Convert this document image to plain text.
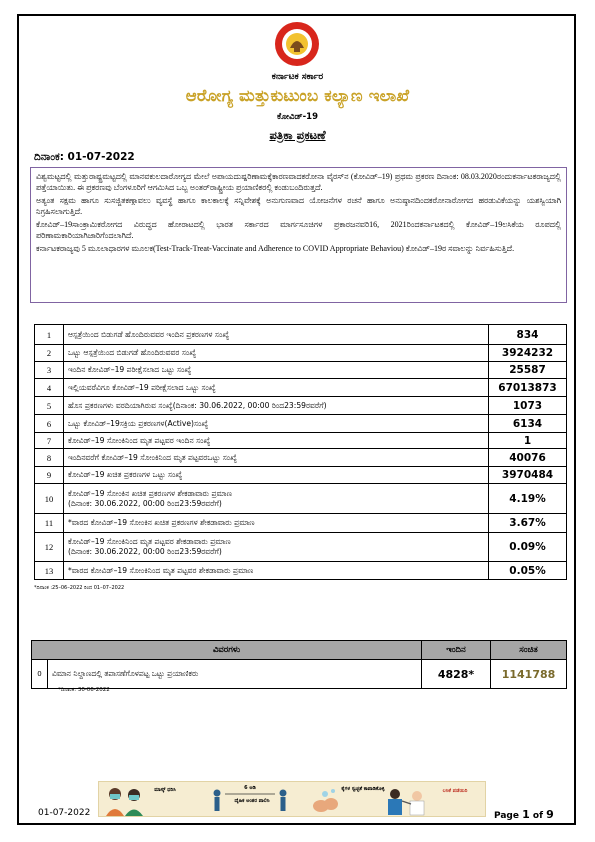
ಕರ್ನಾಟಕ ಸರ್ಕಾರ
ಆರೋಗ್ಯ ಮತ್ತುಕುಟುಂಬ ಕಲ್ಯಾಣ ಇಲಾಖೆ
ಕೋವಿಡ್-19
ಪತ್ರಿಕಾ ಪ್ರಕಟಣೆ
ದಿನಾಂಕ: 01-07-2022

ವಿಶ್ವಮಟ್ಟದಲ್ಲಿ ಮತ್ತುರಾಷ್ಟ್ರಮಟ್ಟದಲ್ಲಿ ಮಾನವಕುಲದಾರೋಗ್ಯದ ಮೇಲೆ ಅಪಾಯದುಷ್ಪರಿಣಾಮಕ್ಕೆಕಾರಣವಾದಕರೋನಾ ವೈರಸ್‌ನ (ಕೋವಿಡ್–19) ಪ್ರಥಮ ಪ್ರಕರಣ ದಿನಾಂಕ: 08.03.2020ರಂದುಕರ್ನಾಟಕರಾಜ್ಯದಲ್ಲಿ ಪತ್ತೆಯಾಯಿತು. ಈ ಪ್ರಕರಣವು ಬೆಂಗಳೂರಿಗೆ ಆಗಮಿಸಿದ ಒಬ್ಬ ಅಂತರ್‌ರಾಷ್ಟ್ರೀಯ ಪ್ರಯಾಣಿಕರಲ್ಲಿ ಕಂಡುಬಂದಿರುತ್ತದೆ.

ಅತ್ಯಂತ ಸಕ್ಷಮ ಹಾಗೂ ಸುಸಜ್ಜಿತಕಣ್ಗಾವಲು ವ್ಯವಸ್ಥೆ ಹಾಗೂ ಕಾಲಕಾಲಕ್ಕೆ ಸನ್ನಿವೇಶಕ್ಕೆ ಅನುಗುಣವಾದ ಯೋಜನೆಗಳ ರಚನೆ ಹಾಗೂ ಅನುಷ್ಠಾನದಿಂದಕರೋನಾರೋಗದ ಹರಡುವಿಕೆಯನ್ನು ಯಶಸ್ವಿಯಾಗಿ ನಿಗ್ರಹಿಸಲಾಗುತ್ತಿದೆ.

ಕೋವಿಡ್–19ಸಾಂಕ್ರಾಮಿಕರೋಗದ ವಿರುದ್ಧದ ಹೋರಾಟದಲ್ಲಿ ಭಾರತ ಸರ್ಕಾರದ ಮಾರ್ಗಸೂಚಿಗಳ ಪ್ರಕಾರಜನವರಿ16, 2021ರಿಂದಕರ್ನಾಟಕದಲ್ಲಿ ಕೋವಿಡ್–19ಲಸಿಕೆಯ ರೂಪದಲ್ಲಿ ಪರಿಣಾಮಕಾರಿಯಾಗಿಜಾರಿಗೆಂದಲಾಗಿದೆ.

ಕರ್ನಾಟಕರಾಜ್ಯವು 5 ಮೂಲಾಧಾರಗಳ ಮೂಲಕ(Test-Track-Treat-Vaccinate and Adherence to COVID Appropriate Behaviou) ಕೋವಿಡ್–19ರ ಸವಾಲನ್ನು ನಿರ್ವಹಿಸುತ್ತಿದೆ.

1	ಆಸ್ಪತ್ರೆಯಿಂದ ಬಿಡುಗಡೆ ಹೊಂದಿರುವವರ ಇಂದಿನ ಪ್ರಕರಣಗಳ ಸಂಖ್ಯೆ	834
2	ಒಟ್ಟು ಆಸ್ಪತ್ರೆಯಿಂದ ಬಿಡುಗಡೆ ಹೊಂದಿರುವವರ ಸಂಖ್ಯೆ	3924232
3	ಇಂದಿನ ಕೋವಿಡ್–19 ಪರೀಕ್ಷೆಸಲಾದ ಒಟ್ಟು ಸಂಖ್ಯೆ	25587
4	ಇಲ್ಲಿಯವರೆವಿಗೂ ಕೋವಿಡ್–19 ಪರೀಕ್ಷೆಸಲಾದ ಒಟ್ಟು ಸಂಖ್ಯೆ	67013873
5	ಹೊಸ ಪ್ರಕರಣಗಳು ವರದಿಯಾಗಿರುವ ಸಂಖ್ಯೆ(ದಿನಾಂಕ: 30.06.2022, 00:00 ರಿಂದ23:59ರವರೆಗೆ)	1073
6	ಒಟ್ಟು ಕೋವಿಡ್–19ಸಕ್ರಿಯ ಪ್ರಕರಣಗಳ(Active)ಸಂಖ್ಯೆ	6134
7	ಕೋವಿಡ್–19 ಸೋಂಕಿನಿಂದ ಮೃತ ಪಟ್ಟವರ ಇಂದಿನ ಸಂಖ್ಯೆ	1
8	ಇಂದಿನವರೆಗೆ ಕೋವಿಡ್–19 ಸೋಂಕಿನಿಂದ ಮೃತ ಪಟ್ಟವರಒಟ್ಟು ಸಂಖ್ಯೆ	40076
9	ಕೋವಿಡ್–19 ಖಚಿತ ಪ್ರಕರಣಗಳ ಒಟ್ಟು ಸಂಖ್ಯೆ	3970484
10	ಕೋವಿಡ್–19 ಸೋಂಕಿನ ಖಚಿತ ಪ್ರಕರಣಗಳ ಶೇಕಡಾವಾರು ಪ್ರಮಾಣ
(ದಿನಾಂಕ: 30.06.2022, 00:00 ರಿಂದ23:59ರವರೆಗೆ)	4.19%
11	*ವಾರದ ಕೋವಿಡ್–19 ಸೋಂಕಿನ ಖಚಿತ ಪ್ರಕರಣಗಳ ಶೇಕಡಾವಾರು ಪ್ರಮಾಣ	3.67%
12	ಕೋವಿಡ್–19 ಸೋಂಕಿನಿಂದ ಮೃತ ಪಟ್ಟವರ ಶೇಕಡಾವಾರು ಪ್ರಮಾಣ
(ದಿನಾಂಕ: 30.06.2022, 00:00 ರಿಂದ23:59ರವರೆಗೆ)	0.09%
13	*ವಾರದ ಕೋವಿಡ್–19 ಸೋಂಕಿನಿಂದ ಮೃತ ಪಟ್ಟವರ ಶೇಕಡಾವಾರು ಪ್ರಮಾಣ	0.05%
*ದಿನಾಂಕ :25–06–2022 ರಿಂದ 01–07–2022
ವಿವರಗಳು		ಇಂದಿನ	ಸಂಚಿತ
0	ವಿಮಾನ ನಿಲ್ದಾಣದಲ್ಲಿ ತಪಾಸಣೆಗೊಳಪಟ್ಟ ಒಟ್ಟು ಪ್ರಯಾಣಿಕರು	4828*	1141788
*ದಿನಾಂಕ: 30-06-2022
ಮಾಸ್ಕ್ ಧರಿಸಿ	6 ಅಡಿ
ದೈಹಿಕ ಅಂತರ ಪಾಲಿಸಿ
ಕೈಗಳ ಸ್ವಚ್ಛತೆ ಕಾಪಾಡಿಕೊಳ್ಳಿ	ಲಸಿಕೆ ಪಡೆಯಿರಿ
01-07-2022	Page 1 of 9
